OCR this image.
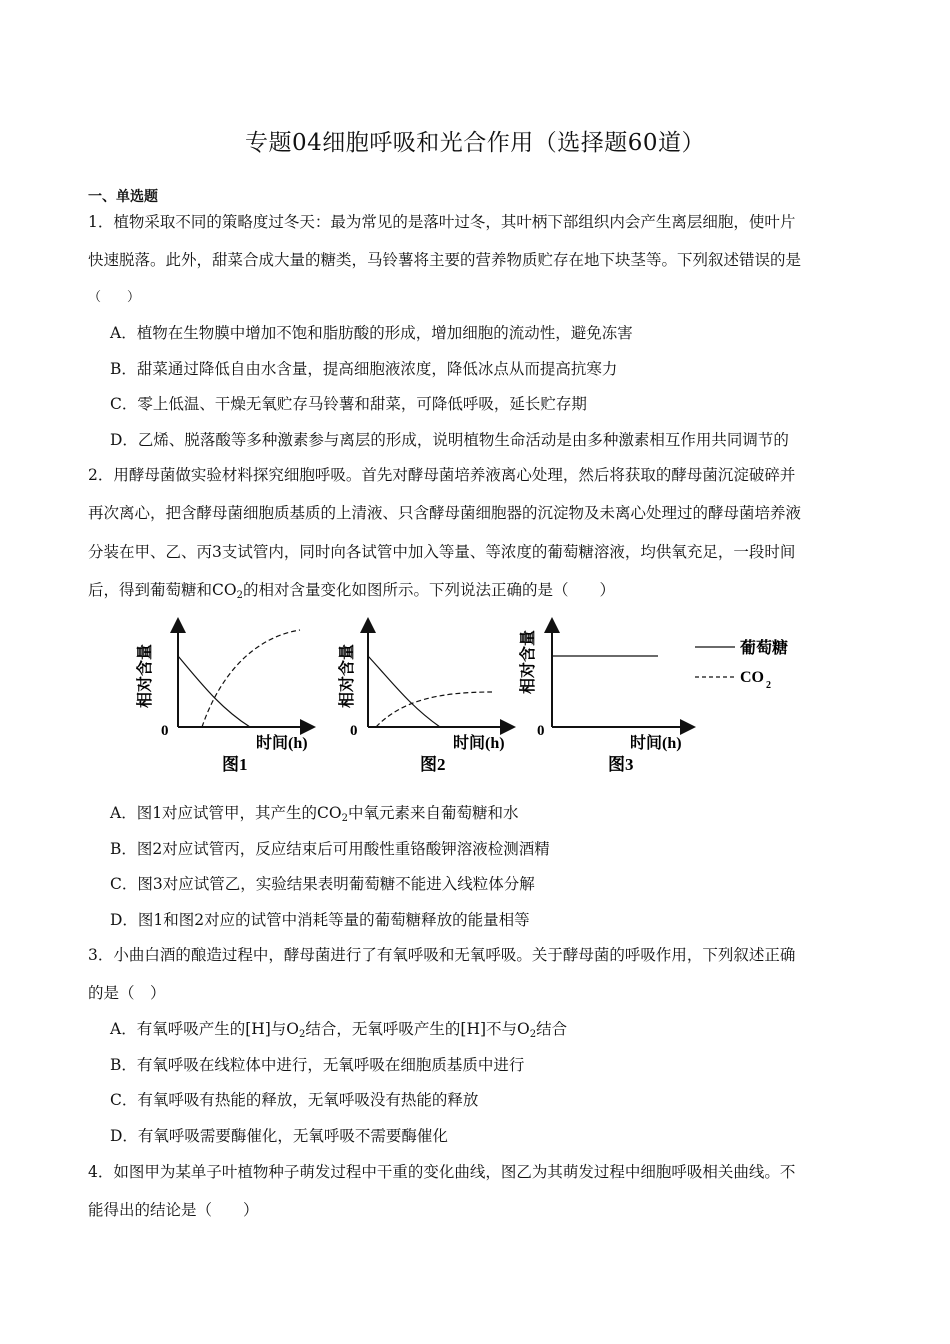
专题04细胞呼吸和光合作用（选择题60道）
一、单选题
1．植物采取不同的策略度过冬天：最为常见的是落叶过冬，其叶柄下部组织内会产生离层细胞，使叶片
快速脱落。此外，甜菜合成大量的糖类，马铃薯将主要的营养物质贮存在地下块茎等。下列叙述错误的是
（　　）
A．植物在生物膜中增加不饱和脂肪酸的形成，增加细胞的流动性，避免冻害
B．甜菜通过降低自由水含量，提高细胞液浓度，降低冰点从而提高抗寒力
C．零上低温、干燥无氧贮存马铃薯和甜菜，可降低呼吸，延长贮存期
D．乙烯、脱落酸等多种激素参与离层的形成，说明植物生命活动是由多种激素相互作用共同调节的
2．用酵母菌做实验材料探究细胞呼吸。首先对酵母菌培养液离心处理，然后将获取的酵母菌沉淀破碎并
再次离心，把含酵母菌细胞质基质的上清液、只含酵母菌细胞器的沉淀物及未离心处理过的酵母菌培养液
分装在甲、乙、丙3支试管内，同时向各试管中加入等量、等浓度的葡萄糖溶液，均供氧充足，一段时间
后，得到葡萄糖和$CO_2$的相对含量变化如图所示。下列说法正确的是（　　）
相对含量
0
时间(h)
图1
相对含量
0
时间(h)
图2
相对含量
0
时间(h)
图3
葡萄糖
CO 2
A．图1对应试管甲，其产生的$CO_2$中氧元素来自葡萄糖和水
B．图2对应试管丙，反应结束后可用酸性重铬酸钾溶液检测酒精
C．图3对应试管乙，实验结果表明葡萄糖不能进入线粒体分解
D．图1和图2对应的试管中消耗等量的葡萄糖释放的能量相等
3．小曲白酒的酿造过程中，酵母菌进行了有氧呼吸和无氧呼吸。关于酵母菌的呼吸作用，下列叙述正确
的是（　）
A．有氧呼吸产生的[H]与$O_2$结合，无氧呼吸产生的[H]不与$O_2$结合
B．有氧呼吸在线粒体中进行，无氧呼吸在细胞质基质中进行
C．有氧呼吸有热能的释放，无氧呼吸没有热能的释放
D．有氧呼吸需要酶催化，无氧呼吸不需要酶催化
4．如图甲为某单子叶植物种子萌发过程中干重的变化曲线，图乙为其萌发过程中细胞呼吸相关曲线。不
能得出的结论是（　　）
